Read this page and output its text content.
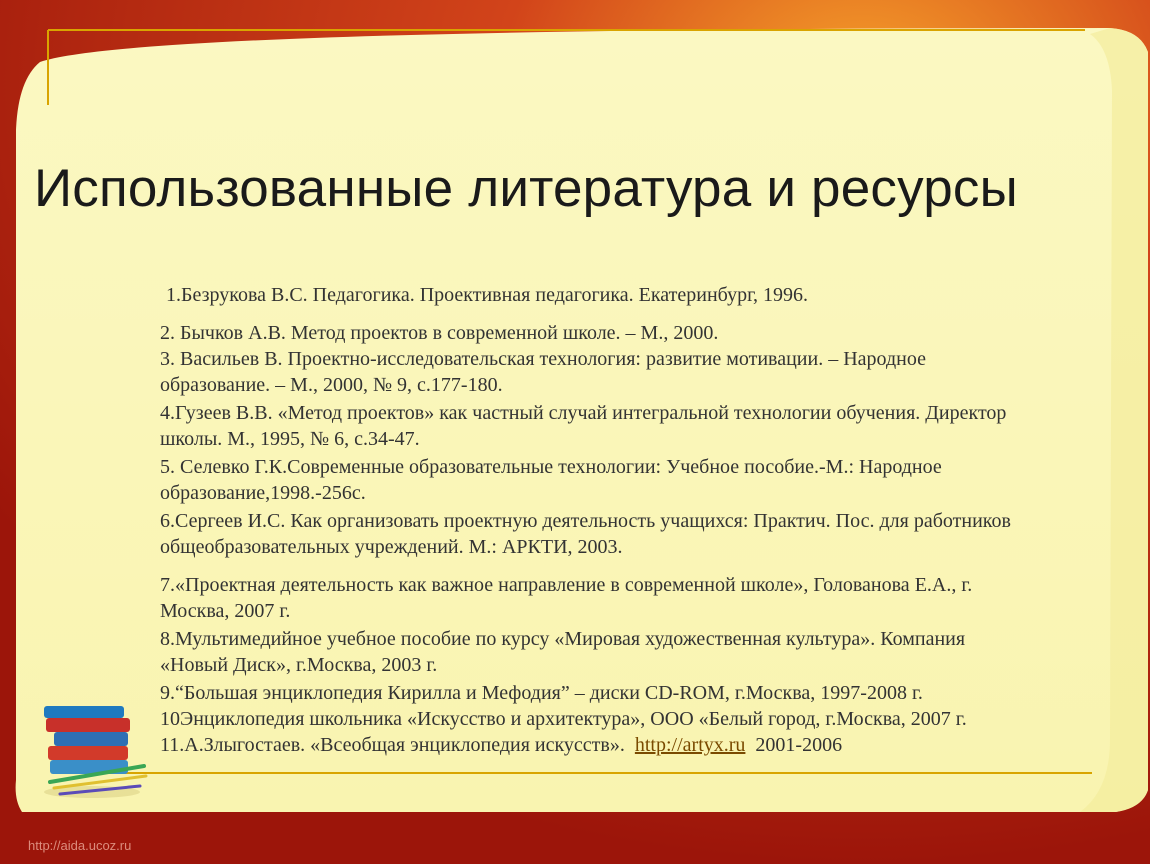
Использованные литература и ресурсы

1.Безрукова В.С. Педагогика. Проективная педагогика. Екатеринбург, 1996.

2. Бычков А.В. Метод проектов в современной школе. – М., 2000.

3. Васильев В. Проектно-исследовательская технология: развитие мотивации. – Народное

образование. – М., 2000, № 9, с.177-180.

4.Гузеев В.В. «Метод проектов» как частный случай интегральной технологии обучения. Директор

школы. М., 1995, № 6, с.34-47.

5. Селевко Г.К.Современные образовательные технологии: Учебное пособие.-М.: Народное

образование,1998.-256с.

6.Сергеев И.С. Как организовать проектную деятельность учащихся: Практич. Пос. для работников

общеобразовательных учреждений. М.: АРКТИ, 2003.

7.«Проектная деятельность как важное направление в современной школе», Голованова Е.А., г.

Москва, 2007 г.

8.Мультимедийное учебное пособие по курсу «Мировая художественная культура». Компания

«Новый Диск», г.Москва, 2003 г.

9.“Большая энциклопедия Кирилла и Мефодия” – диски CD-ROM, г.Москва, 1997-2008 г.

10Энциклопедия школьника «Искусство и архитектура», ООО «Белый город, г.Москва, 2007 г.

11.А.Злыгостаев. «Всеобщая энциклопедия искусств».  http://artyx.ru  2001-2006

http://aida.ucoz.ru
